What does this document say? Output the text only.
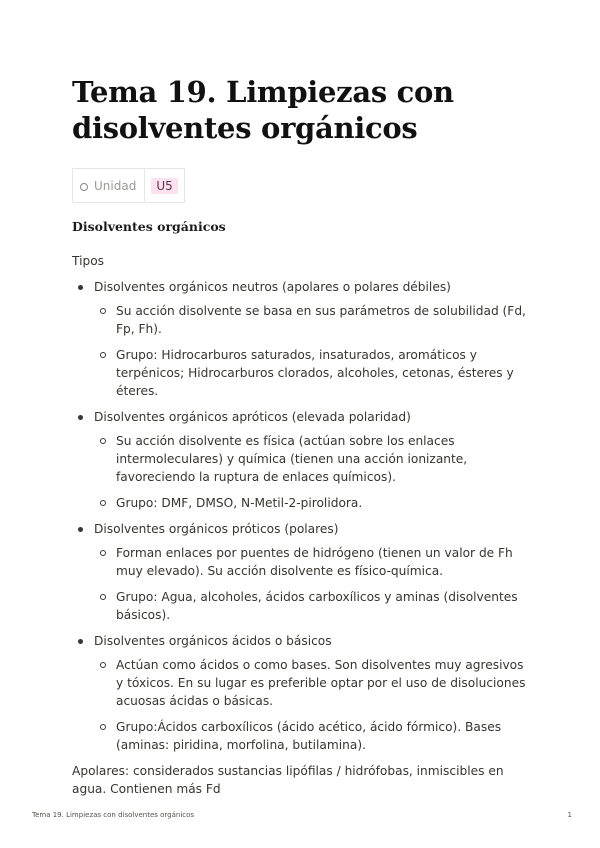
Tema 19. Limpiezas con disolventes orgánicos
Unidad	U5
Disolventes orgánicos
Tipos
Disolventes orgánicos neutros (apolares o polares débiles)
Su acción disolvente se basa en sus parámetros de solubilidad (Fd, Fp, Fh).
Grupo: Hidrocarburos saturados, insaturados, aromáticos y terpénicos; Hidrocarburos clorados, alcoholes, cetonas, ésteres y éteres.
Disolventes orgánicos apróticos (elevada polaridad)
Su acción disolvente es física (actúan sobre los enlaces intermoleculares) y química (tienen una acción ionizante, favoreciendo la ruptura de enlaces químicos).
Grupo: DMF, DMSO, N-Metil-2-pirolidora.
Disolventes orgánicos próticos (polares)
Forman enlaces por puentes de hidrógeno (tienen un valor de Fh muy elevado). Su acción disolvente es físico-química.
Grupo: Agua, alcoholes, ácidos carboxílicos y aminas (disolventes básicos).
Disolventes orgánicos ácidos o básicos
Actúan como ácidos o como bases. Son disolventes muy agresivos y tóxicos. En su lugar es preferible optar por el uso de disoluciones acuosas ácidas o básicas.
Grupo:Ácidos carboxílicos (ácido acético, ácido fórmico). Bases (aminas: piridina, morfolina, butilamina).

Apolares: considerados sustancias lipófilas / hidrófobas, inmiscibles en agua. Contienen más Fd

Tema 19. Limpiezas con disolventes orgánicos	1
